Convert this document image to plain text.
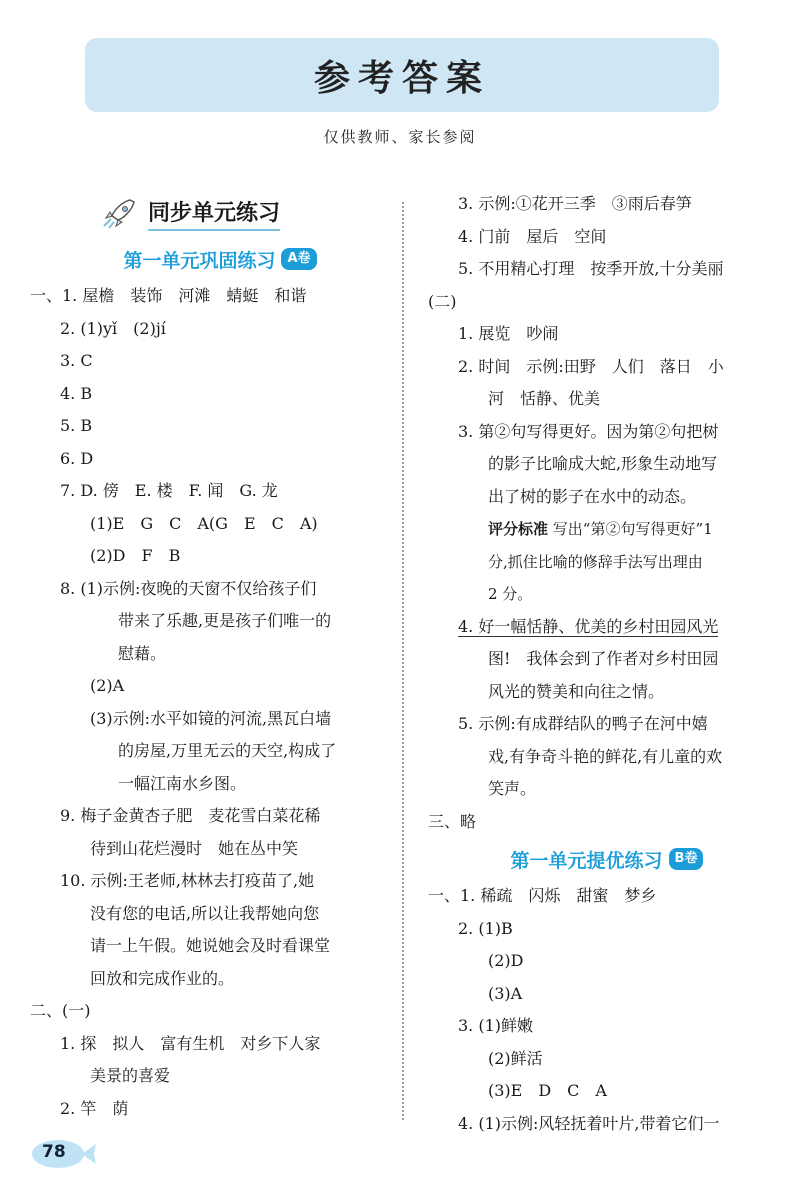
参考答案
仅供教师、家长参阅
同步单元练习
第一单元巩固练习 A卷
一、1. 屋檐　装饰　河滩　蜻蜓　和谐
2. (1)yǐ　(2)jí
3. C
4. B
5. B
6. D
7. D. 傍　E. 楼　F. 闻　G. 龙
(1)E　G　C　A(G　E　C　A)
(2)D　F　B
8. (1)示例:夜晚的天窗不仅给孩子们
带来了乐趣,更是孩子们唯一的
慰藉。
(2)A
(3)示例:水平如镜的河流,黑瓦白墙
的房屋,万里无云的天空,构成了
一幅江南水乡图。
9. 梅子金黄杏子肥　麦花雪白菜花稀
待到山花烂漫时　她在丛中笑
10. 示例:王老师,林林去打疫苗了,她
没有您的电话,所以让我帮她向您
请一上午假。她说她会及时看课堂
回放和完成作业的。
二、(一)
1. 探　拟人　富有生机　对乡下人家
美景的喜爱
2. 竿　荫
3. 示例:①花开三季　③雨后春笋
4. 门前　屋后　空间
5. 不用精心打理　按季开放,十分美丽
(二)
1. 展览　吵闹
2. 时间　示例:田野　人们　落日　小
河　恬静、优美
3. 第②句写得更好。因为第②句把树
的影子比喻成大蛇,形象生动地写
出了树的影子在水中的动态。
评分标准 写出“第②句写得更好”1
分,抓住比喻的修辞手法写出理由
2 分。
4. 好一幅恬静、优美的乡村田园风光
图!　我体会到了作者对乡村田园
风光的赞美和向往之情。
5. 示例:有成群结队的鸭子在河中嬉
戏,有争奇斗艳的鲜花,有儿童的欢
笑声。
三、略
第一单元提优练习 B卷
一、1. 稀疏　闪烁　甜蜜　梦乡
2. (1)B
(2)D
(3)A
3. (1)鲜嫩
(2)鲜活
(3)E　D　C　A
4. (1)示例:风轻抚着叶片,带着它们一
78
